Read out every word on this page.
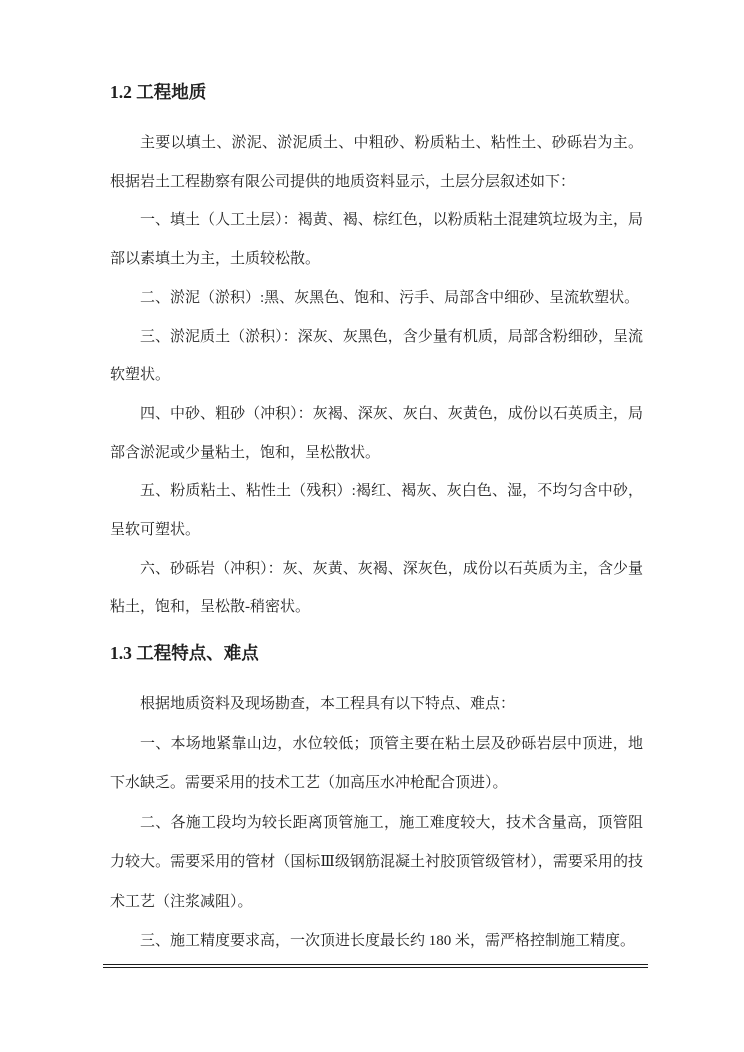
1.2 工程地质

主要以填土、淤泥、淤泥质土、中粗砂、粉质粘土、粘性土、砂砾岩为主。根据岩土工程勘察有限公司提供的地质资料显示，土层分层叙述如下：

一、填土（人工土层）：褐黄、褐、棕红色，以粉质粘土混建筑垃圾为主，局部以素填土为主，土质较松散。

二、淤泥（淤积）:黑、灰黑色、饱和、污手、局部含中细砂、呈流软塑状。

三、淤泥质土（淤积）：深灰、灰黑色，含少量有机质，局部含粉细砂，呈流软塑状。

四、中砂、粗砂（冲积）：灰褐、深灰、灰白、灰黄色，成份以石英质主，局部含淤泥或少量粘土，饱和，呈松散状。

五、粉质粘土、粘性土（残积）:褐红、褐灰、灰白色、湿，不均匀含中砂，呈软可塑状。

六、砂砾岩（冲积）：灰、灰黄、灰褐、深灰色，成份以石英质为主，含少量粘土，饱和，呈松散-稍密状。

1.3 工程特点、难点

根据地质资料及现场勘查，本工程具有以下特点、难点：

一、本场地紧靠山边，水位较低；顶管主要在粘土层及砂砾岩层中顶进，地下水缺乏。需要采用的技术工艺（加高压水冲枪配合顶进）。

二、各施工段均为较长距离顶管施工，施工难度较大，技术含量高，顶管阻力较大。需要采用的管材（国标Ⅲ级钢筋混凝土衬胶顶管级管材），需要采用的技术工艺（注浆减阻）。

三、施工精度要求高，一次顶进长度最长约 180 米，需严格控制施工精度。
